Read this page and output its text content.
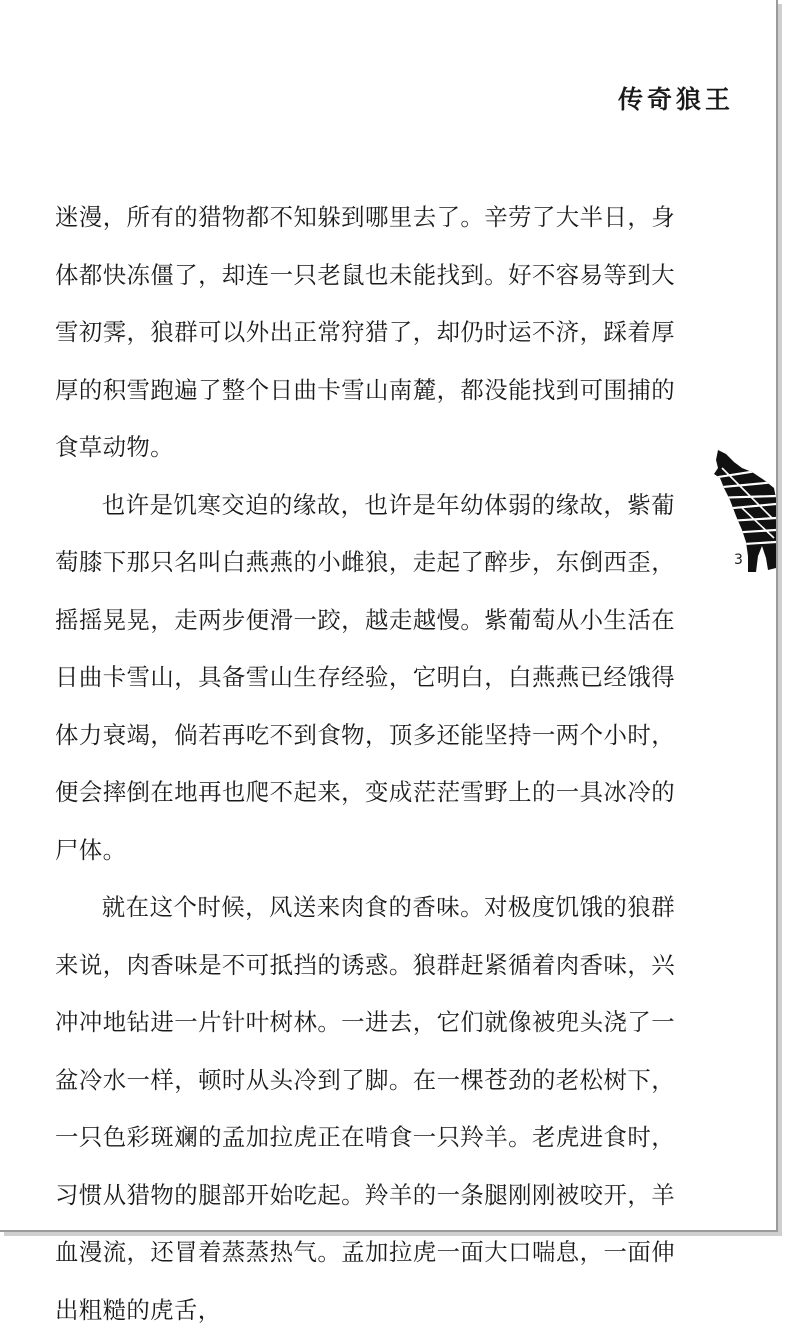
传奇狼王

迷漫，所有的猎物都不知躲到哪里去了。辛劳了大半日，身体都快冻僵了，却连一只老鼠也未能找到。好不容易等到大雪初霁，狼群可以外出正常狩猎了，却仍时运不济，踩着厚厚的积雪跑遍了整个日曲卡雪山南麓，都没能找到可围捕的食草动物。

也许是饥寒交迫的缘故，也许是年幼体弱的缘故，紫葡萄膝下那只名叫白燕燕的小雌狼，走起了醉步，东倒西歪，摇摇晃晃，走两步便滑一跤，越走越慢。紫葡萄从小生活在日曲卡雪山，具备雪山生存经验，它明白，白燕燕已经饿得体力衰竭，倘若再吃不到食物，顶多还能坚持一两个小时，便会摔倒在地再也爬不起来，变成茫茫雪野上的一具冰冷的尸体。

就在这个时候，风送来肉食的香味。对极度饥饿的狼群来说，肉香味是不可抵挡的诱惑。狼群赶紧循着肉香味，兴冲冲地钻进一片针叶树林。一进去，它们就像被兜头浇了一盆冷水一样，顿时从头冷到了脚。在一棵苍劲的老松树下，一只色彩斑斓的孟加拉虎正在啃食一只羚羊。老虎进食时，习惯从猎物的腿部开始吃起。羚羊的一条腿刚刚被咬开，羊血漫流，还冒着蒸蒸热气。孟加拉虎一面大口喘息，一面伸出粗糙的虎舌，

3
